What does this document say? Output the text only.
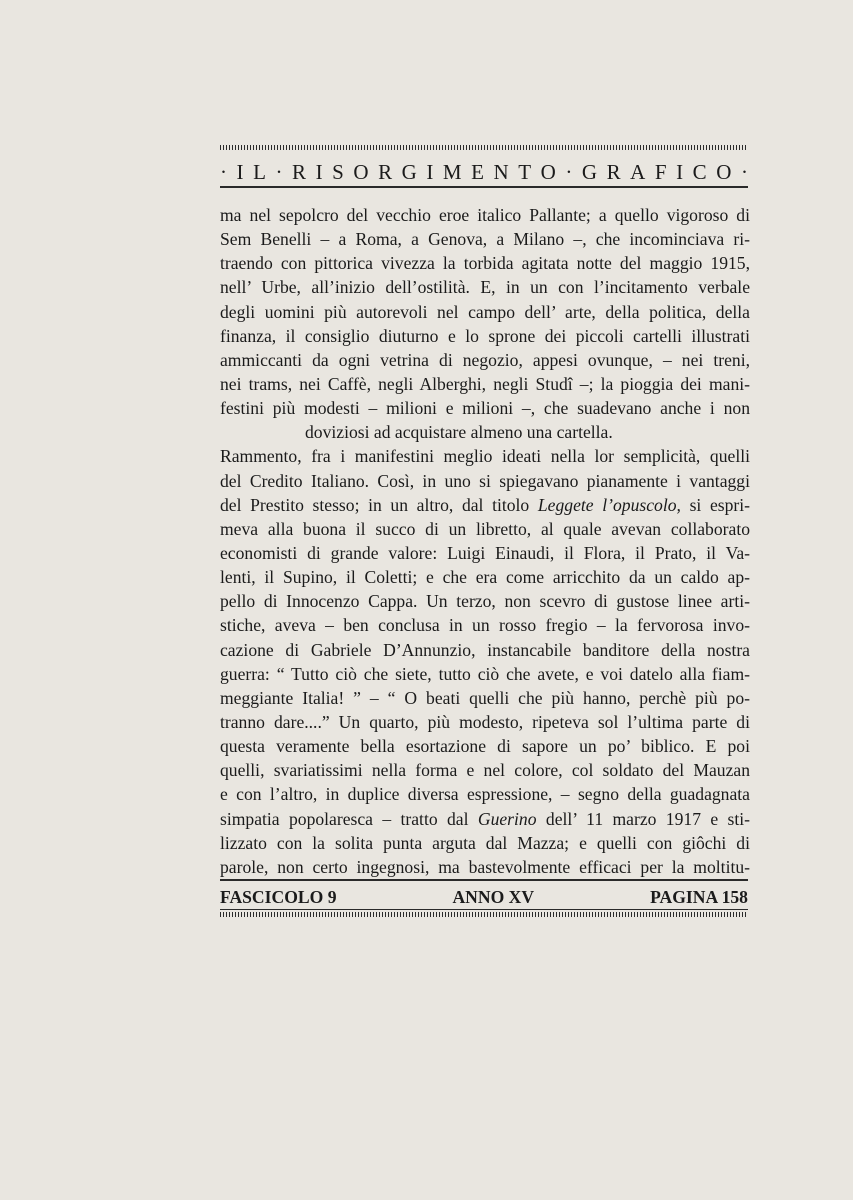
· I L · R I S O R G I M E N T O · G R A F I C O ·
ma nel sepolcro del vecchio eroe italico Pallante; a quello vigoroso di
Sem Benelli – a Roma, a Genova, a Milano –, che incominciava ri-
traendo con pittorica vivezza la torbida agitata notte del maggio 1915,
nell’ Urbe, all’inizio dell’ostilità. E, in un con l’incitamento verbale
degli uomini più autorevoli nel campo dell’ arte, della politica, della
finanza, il consiglio diuturno e lo sprone dei piccoli cartelli illustrati
ammiccanti da ogni vetrina di negozio, appesi ovunque, – nei treni,
nei trams, nei Caffè, negli Alberghi, negli Studî –; la pioggia dei mani-
festini più modesti – milioni e milioni –, che suadevano anche i non
doviziosi ad acquistare almeno una cartella.
Rammento, fra i manifestini meglio ideati nella lor semplicità, quelli
del Credito Italiano. Così, in uno si spiegavano pianamente i vantaggi
del Prestito stesso; in un altro, dal titolo Leggete l’opuscolo, si espri-
meva alla buona il succo di un libretto, al quale avevan collaborato
economisti di grande valore: Luigi Einaudi, il Flora, il Prato, il Va-
lenti, il Supino, il Coletti; e che era come arricchito da un caldo ap-
pello di Innocenzo Cappa. Un terzo, non scevro di gustose linee arti-
stiche, aveva – ben conclusa in un rosso fregio – la fervorosa invo-
cazione di Gabriele D’Annunzio, instancabile banditore della nostra
guerra: “ Tutto ciò che siete, tutto ciò che avete, e voi datelo alla fiam-
meggiante Italia! ” – “ O beati quelli che più hanno, perchè più po-
tranno dare....” Un quarto, più modesto, ripeteva sol l’ultima parte di
questa veramente bella esortazione di sapore un po’ biblico. E poi
quelli, svariatissimi nella forma e nel colore, col soldato del Mauzan
e con l’altro, in duplice diversa espressione, – segno della guadagnata
simpatia popolaresca – tratto dal Guerino dell’ 11 marzo 1917 e sti-
lizzato con la solita punta arguta dal Mazza; e quelli con giôchi di
parole, non certo ingegnosi, ma bastevolmente efficaci per la moltitu-
FASCICOLO 9	ANNO XV	PAGINA 158
